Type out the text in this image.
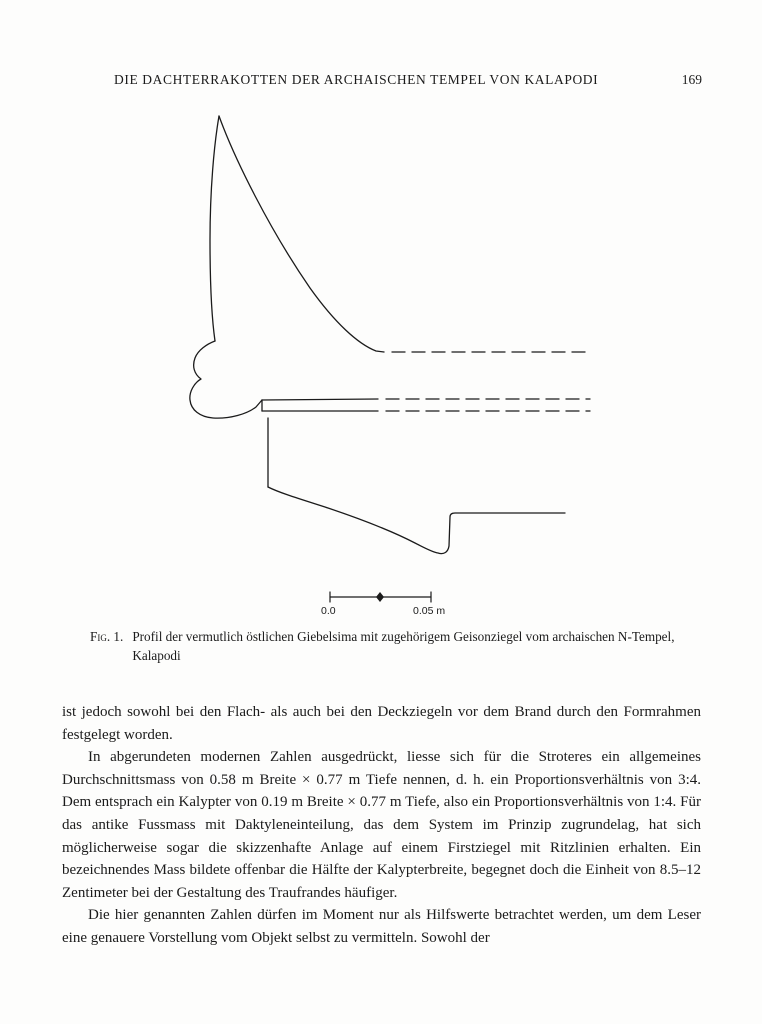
DIE DACHTERRAKOTTEN DER ARCHAISCHEN TEMPEL VON KALAPODI	169
0.0	0.05 m
Fig. 1. Profil der vermutlich östlichen Giebelsima mit zugehörigem Geisonziegel vom archaischen N-Tempel, Kalapodi

ist jedoch sowohl bei den Flach- als auch bei den Deckziegeln vor dem Brand durch den Formrahmen festgelegt worden.

In abgerundeten modernen Zahlen ausgedrückt, liesse sich für die Stroteres ein allgemeines Durchschnittsmass von 0.58 m Breite × 0.77 m Tiefe nennen, d. h. ein Proportionsverhältnis von 3:4. Dem entsprach ein Kalypter von 0.19 m Breite × 0.77 m Tiefe, also ein Proportionsverhältnis von 1:4. Für das antike Fussmass mit Daktyleneinteilung, das dem System im Prinzip zugrundelag, hat sich möglicherweise sogar die skizzenhafte Anlage auf einem Firstziegel mit Ritzlinien erhalten. Ein bezeichnendes Mass bildete offenbar die Hälfte der Kalypterbreite, begegnet doch die Einheit von 8.5–12 Zentimeter bei der Gestaltung des Traufrandes häufiger.

Die hier genannten Zahlen dürfen im Moment nur als Hilfswerte betrachtet werden, um dem Leser eine genauere Vorstellung vom Objekt selbst zu vermitteln. Sowohl der
